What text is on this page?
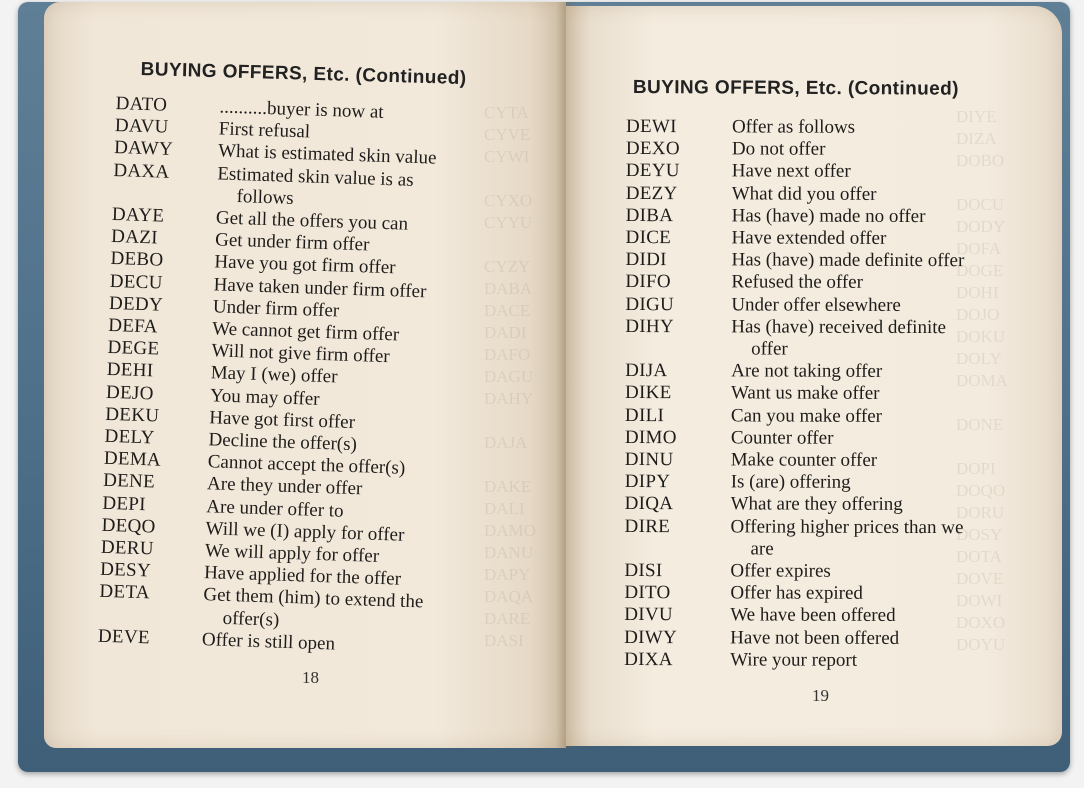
CYTA
CYVE
CYWI

CYXO
CYYU

CYZY
DABA
DACE
DADI
DAFO
DAGU
DAHY

DAJA

DAKE
DALI
DAMO
DANU
DAPY
DAQA
DARE
DASI
BUYING OFFERS, Etc. (Continued)
DATO	..........buyer is now at
DAVU	First refusal
DAWY	What is estimated skin value
DAXA	Estimated skin value is as
follows
DAYE	Get all the offers you can
DAZI	Get under firm offer
DEBO	Have you got firm offer
DECU	Have taken under firm offer
DEDY	Under firm offer
DEFA	We cannot get firm offer
DEGE	Will not give firm offer
DEHI	May I (we) offer
DEJO	You may offer
DEKU	Have got first offer
DELY	Decline the offer(s)
DEMA	Cannot accept the offer(s)
DENE	Are they under offer
DEPI	Are under offer to
DEQO	Will we (I) apply for offer
DERU	We will apply for offer
DESY	Have applied for the offer
DETA	Get them (him) to extend the
offer(s)
DEVE	Offer is still open
18
DIYE
DIZA
DOBO

DOCU
DODY
DOFA
DOGE
DOHI
DOJO
DOKU
DOLY
DOMA

DONE

DOPI
DOQO
DORU
DOSY
DOTA
DOVE
DOWI
DOXO
DOYU
BUYING OFFERS, Etc. (Continued)
DEWI	Offer as follows
DEXO	Do not offer
DEYU	Have next offer
DEZY	What did you offer
DIBA	Has (have) made no offer
DICE	Have extended offer
DIDI	Has (have) made definite offer
DIFO	Refused the offer
DIGU	Under offer elsewhere
DIHY	Has (have) received definite
offer
DIJA	Are not taking offer
DIKE	Want us make offer
DILI	Can you make offer
DIMO	Counter offer
DINU	Make counter offer
DIPY	Is (are) offering
DIQA	What are they offering
DIRE	Offering higher prices than we
are
DISI	Offer expires
DITO	Offer has expired
DIVU	We have been offered
DIWY	Have not been offered
DIXA	Wire your report
19
